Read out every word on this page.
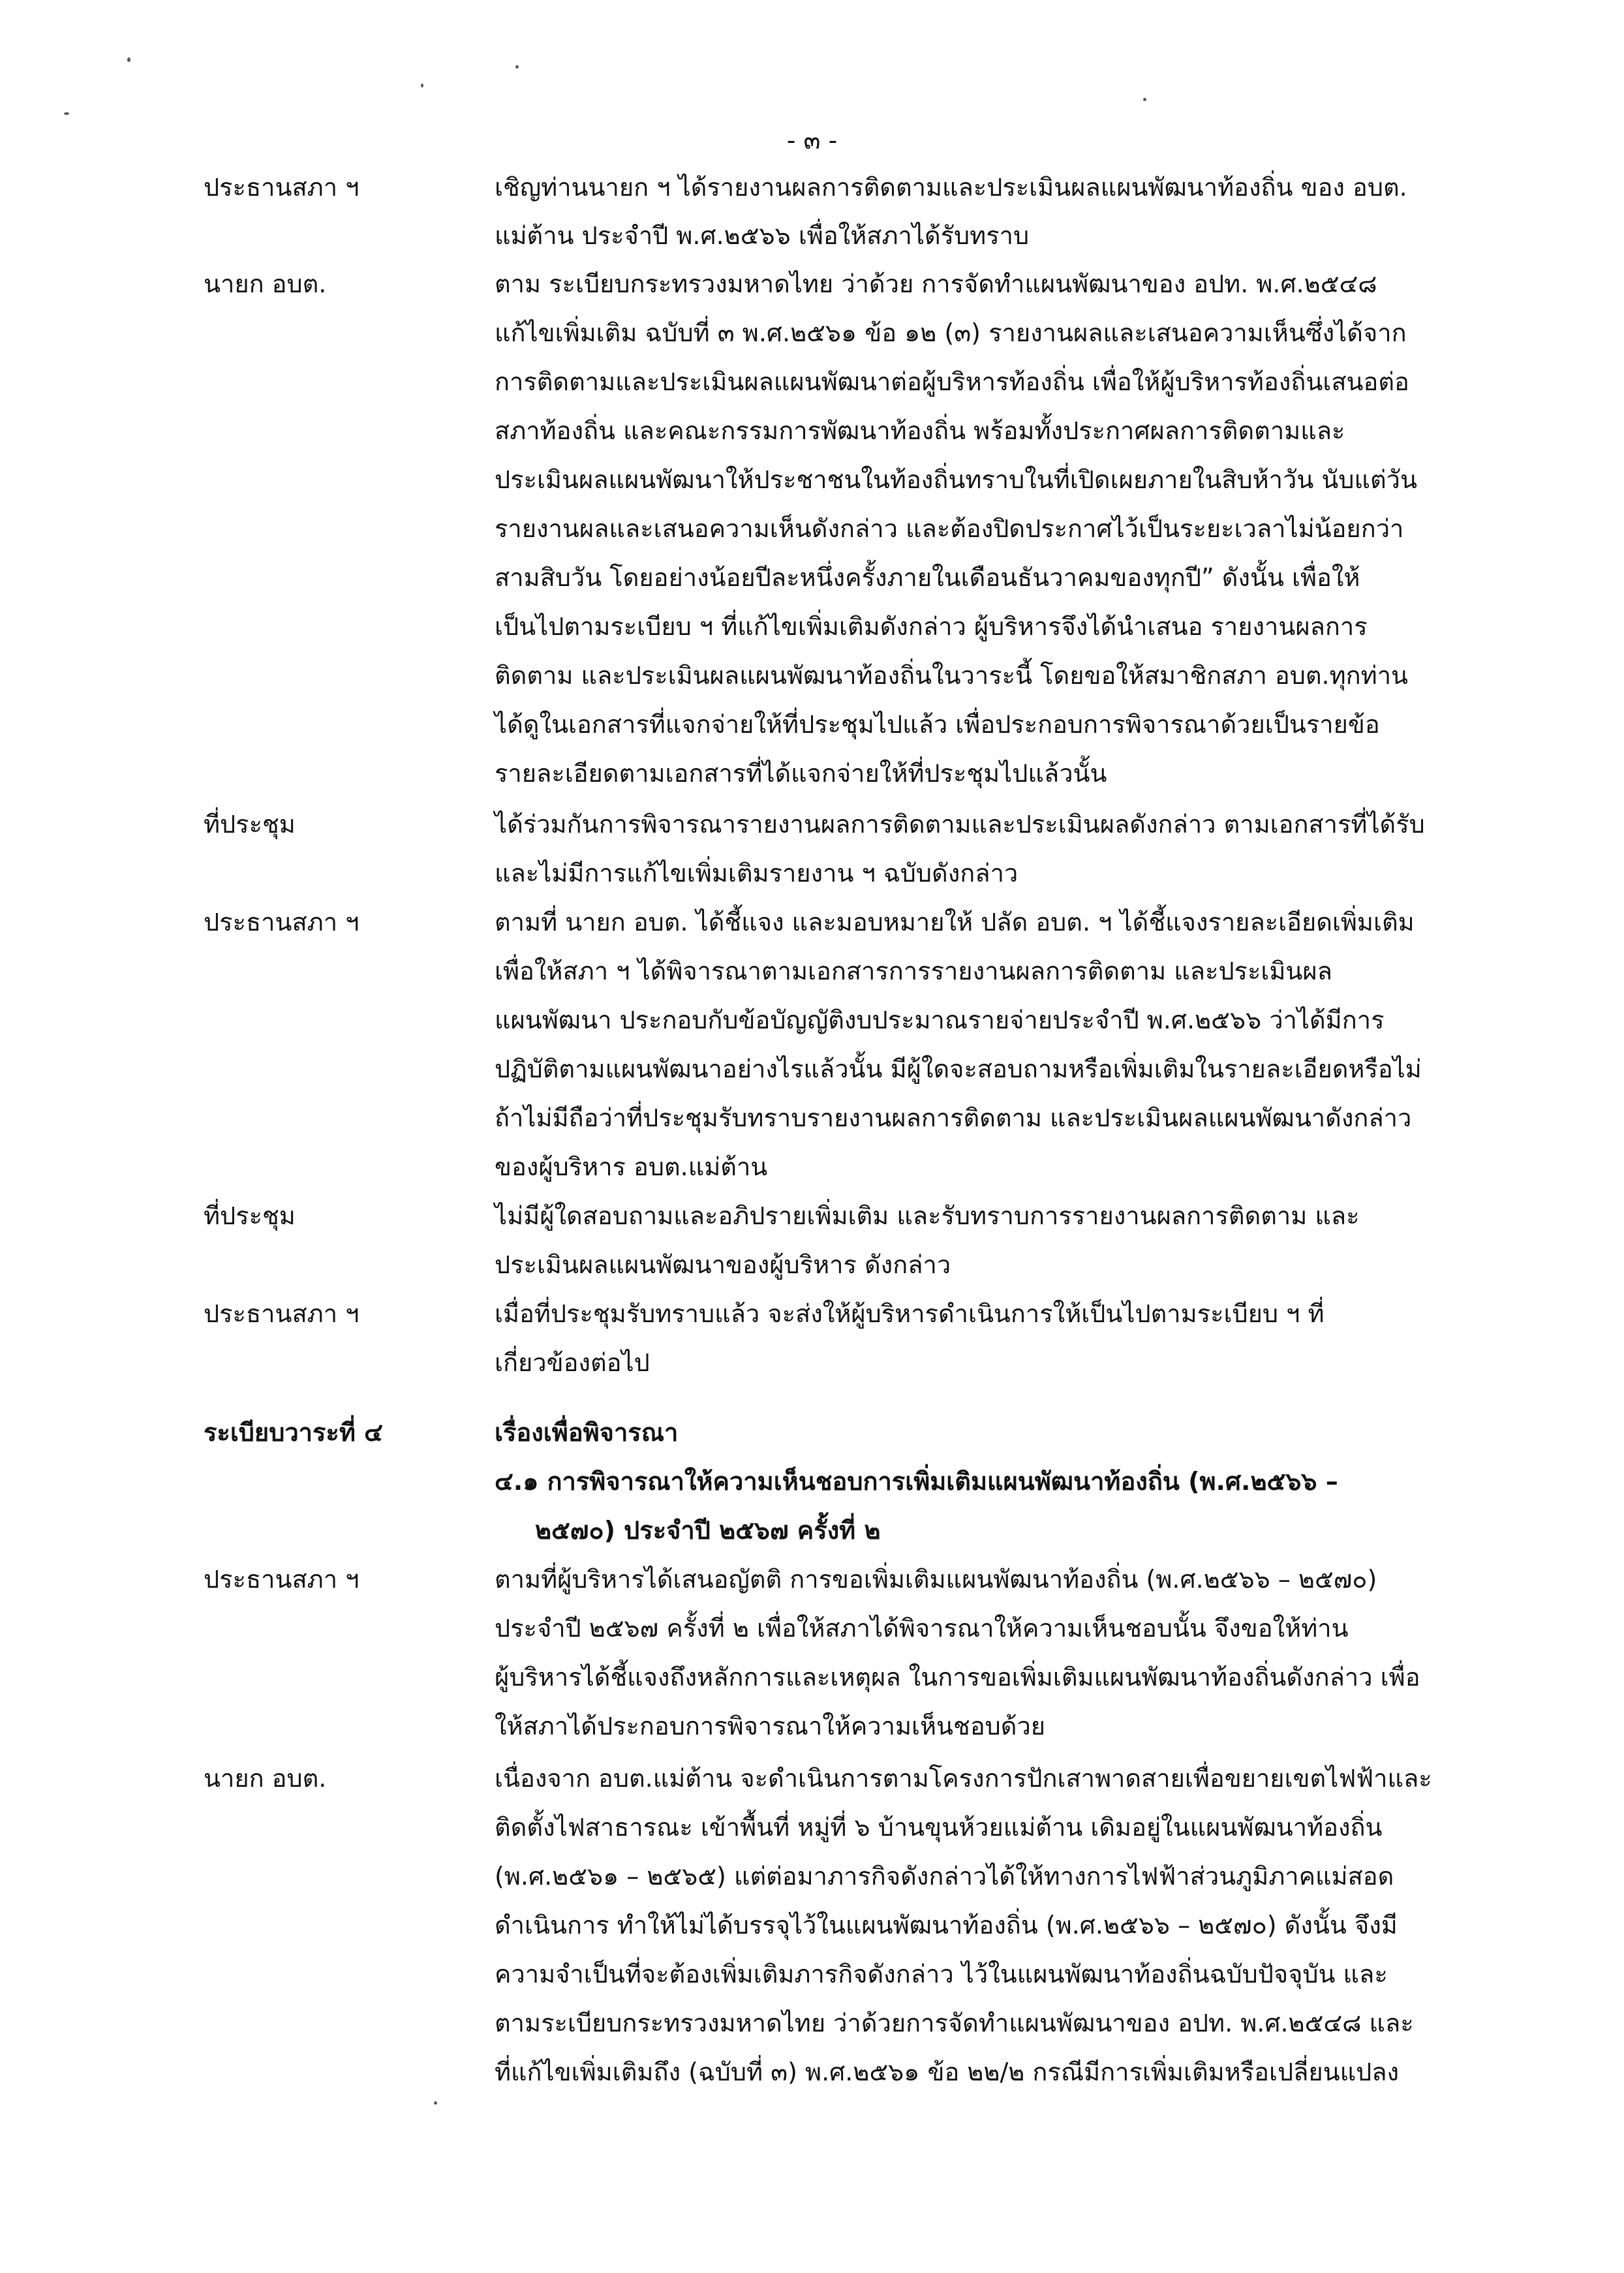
- ๓ -
ประธานสภา ฯ	เชิญท่านนายก ฯ ได้รายงานผลการติดตามและประเมินผลแผนพัฒนาท้องถิ่น ของ อบต.
แม่ต้าน ประจำปี พ.ศ.๒๕๖๖ เพื่อให้สภาได้รับทราบ
นายก อบต.	ตาม ระเบียบกระทรวงมหาดไทย ว่าด้วย การจัดทำแผนพัฒนาของ อปท. พ.ศ.๒๕๔๘
แก้ไขเพิ่มเติม ฉบับที่ ๓ พ.ศ.๒๕๖๑ ข้อ ๑๒ (๓) รายงานผลและเสนอความเห็นซึ่งได้จาก
การติดตามและประเมินผลแผนพัฒนาต่อผู้บริหารท้องถิ่น เพื่อให้ผู้บริหารท้องถิ่นเสนอต่อ
สภาท้องถิ่น และคณะกรรมการพัฒนาท้องถิ่น พร้อมทั้งประกาศผลการติดตามและ
ประเมินผลแผนพัฒนาให้ประชาชนในท้องถิ่นทราบในที่เปิดเผยภายในสิบห้าวัน นับแต่วัน
รายงานผลและเสนอความเห็นดังกล่าว และต้องปิดประกาศไว้เป็นระยะเวลาไม่น้อยกว่า
สามสิบวัน โดยอย่างน้อยปีละหนึ่งครั้งภายในเดือนธันวาคมของทุกปี” ดังนั้น เพื่อให้
เป็นไปตามระเบียบ ฯ ที่แก้ไขเพิ่มเติมดังกล่าว ผู้บริหารจึงได้นำเสนอ รายงานผลการ
ติดตาม และประเมินผลแผนพัฒนาท้องถิ่นในวาระนี้ โดยขอให้สมาชิกสภา อบต.ทุกท่าน
ได้ดูในเอกสารที่แจกจ่ายให้ที่ประชุมไปแล้ว เพื่อประกอบการพิจารณาด้วยเป็นรายข้อ
รายละเอียดตามเอกสารที่ได้แจกจ่ายให้ที่ประชุมไปแล้วนั้น
ที่ประชุม	ได้ร่วมกันการพิจารณารายงานผลการติดตามและประเมินผลดังกล่าว ตามเอกสารที่ได้รับ
และไม่มีการแก้ไขเพิ่มเติมรายงาน ฯ ฉบับดังกล่าว
ประธานสภา ฯ	ตามที่ นายก อบต. ได้ชี้แจง และมอบหมายให้ ปลัด อบต. ฯ ได้ชี้แจงรายละเอียดเพิ่มเติม
เพื่อให้สภา ฯ ได้พิจารณาตามเอกสารการรายงานผลการติดตาม และประเมินผล
แผนพัฒนา ประกอบกับข้อบัญญัติงบประมาณรายจ่ายประจำปี พ.ศ.๒๕๖๖ ว่าได้มีการ
ปฏิบัติตามแผนพัฒนาอย่างไรแล้วนั้น มีผู้ใดจะสอบถามหรือเพิ่มเติมในรายละเอียดหรือไม่
ถ้าไม่มีถือว่าที่ประชุมรับทราบรายงานผลการติดตาม และประเมินผลแผนพัฒนาดังกล่าว
ของผู้บริหาร อบต.แม่ต้าน
ที่ประชุม	ไม่มีผู้ใดสอบถามและอภิปรายเพิ่มเติม และรับทราบการรายงานผลการติดตาม และ
ประเมินผลแผนพัฒนาของผู้บริหาร ดังกล่าว
ประธานสภา ฯ	เมื่อที่ประชุมรับทราบแล้ว จะส่งให้ผู้บริหารดำเนินการให้เป็นไปตามระเบียบ ฯ ที่
เกี่ยวข้องต่อไป
ระเบียบวาระที่ ๔	เรื่องเพื่อพิจารณา
๔.๑ การพิจารณาให้ความเห็นชอบการเพิ่มเติมแผนพัฒนาท้องถิ่น (พ.ศ.๒๕๖๖ –
๒๕๗๐) ประจำปี ๒๕๖๗ ครั้งที่ ๒
ประธานสภา ฯ	ตามที่ผู้บริหารได้เสนอญัตติ การขอเพิ่มเติมแผนพัฒนาท้องถิ่น (พ.ศ.๒๕๖๖ – ๒๕๗๐)
ประจำปี ๒๕๖๗ ครั้งที่ ๒ เพื่อให้สภาได้พิจารณาให้ความเห็นชอบนั้น จึงขอให้ท่าน
ผู้บริหารได้ชี้แจงถึงหลักการและเหตุผล ในการขอเพิ่มเติมแผนพัฒนาท้องถิ่นดังกล่าว เพื่อ
ให้สภาได้ประกอบการพิจารณาให้ความเห็นชอบด้วย
นายก อบต.	เนื่องจาก อบต.แม่ต้าน จะดำเนินการตามโครงการปักเสาพาดสายเพื่อขยายเขตไฟฟ้าและ
ติดตั้งไฟสาธารณะ เข้าพื้นที่ หมู่ที่ ๖ บ้านขุนห้วยแม่ต้าน เดิมอยู่ในแผนพัฒนาท้องถิ่น
(พ.ศ.๒๕๖๑ – ๒๕๖๕) แต่ต่อมาภารกิจดังกล่าวได้ให้ทางการไฟฟ้าส่วนภูมิภาคแม่สอด
ดำเนินการ ทำให้ไม่ได้บรรจุไว้ในแผนพัฒนาท้องถิ่น (พ.ศ.๒๕๖๖ – ๒๕๗๐) ดังนั้น จึงมี
ความจำเป็นที่จะต้องเพิ่มเติมภารกิจดังกล่าว ไว้ในแผนพัฒนาท้องถิ่นฉบับปัจจุบัน และ
ตามระเบียบกระทรวงมหาดไทย ว่าด้วยการจัดทำแผนพัฒนาของ อปท. พ.ศ.๒๕๔๘ และ
ที่แก้ไขเพิ่มเติมถึง (ฉบับที่ ๓) พ.ศ.๒๕๖๑ ข้อ ๒๒/๒ กรณีมีการเพิ่มเติมหรือเปลี่ยนแปลง
